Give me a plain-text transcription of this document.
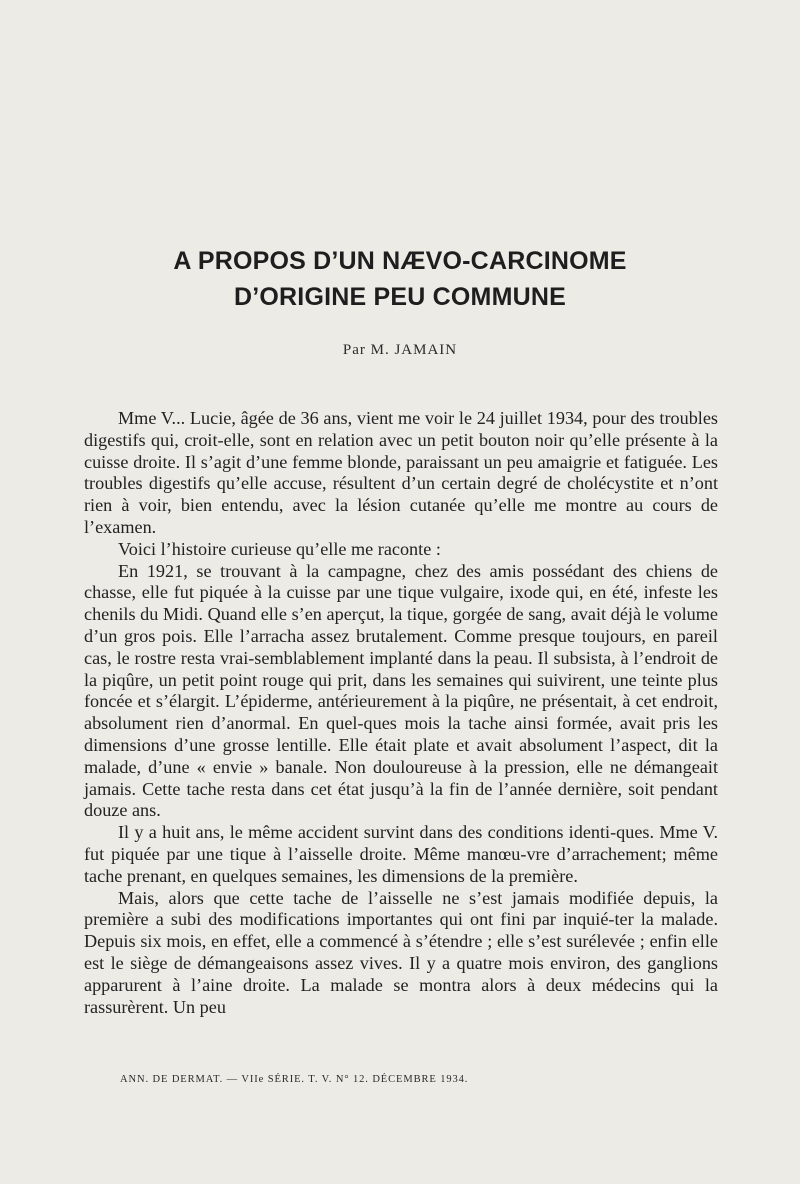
A PROPOS D’UN NÆVO-CARCINOME
D’ORIGINE PEU COMMUNE

Par M. JAMAIN

Mme V... Lucie, âgée de 36 ans, vient me voir le 24 juillet 1934, pour des troubles digestifs qui, croit-elle, sont en relation avec un petit bouton noir qu’elle présente à la cuisse droite. Il s’agit d’une femme blonde, paraissant un peu amaigrie et fatiguée. Les troubles digestifs qu’elle accuse, résultent d’un certain degré de cholécystite et n’ont rien à voir, bien entendu, avec la lésion cutanée qu’elle me montre au cours de l’examen.

Voici l’histoire curieuse qu’elle me raconte :

En 1921, se trouvant à la campagne, chez des amis possédant des chiens de chasse, elle fut piquée à la cuisse par une tique vulgaire, ixode qui, en été, infeste les chenils du Midi. Quand elle s’en aperçut, la tique, gorgée de sang, avait déjà le volume d’un gros pois. Elle l’arracha assez brutalement. Comme presque toujours, en pareil cas, le rostre resta vrai-semblablement implanté dans la peau. Il subsista, à l’endroit de la piqûre, un petit point rouge qui prit, dans les semaines qui suivirent, une teinte plus foncée et s’élargit. L’épiderme, antérieurement à la piqûre, ne présentait, à cet endroit, absolument rien d’anormal. En quel-ques mois la tache ainsi formée, avait pris les dimensions d’une grosse lentille. Elle était plate et avait absolument l’aspect, dit la malade, d’une « envie » banale. Non douloureuse à la pression, elle ne démangeait jamais. Cette tache resta dans cet état jusqu’à la fin de l’année dernière, soit pendant douze ans.

Il y a huit ans, le même accident survint dans des conditions identi-ques. Mme V. fut piquée par une tique à l’aisselle droite. Même manœu-vre d’arrachement; même tache prenant, en quelques semaines, les dimensions de la première.

Mais, alors que cette tache de l’aisselle ne s’est jamais modifiée depuis, la première a subi des modifications importantes qui ont fini par inquié-ter la malade. Depuis six mois, en effet, elle a commencé à s’étendre ; elle s’est surélevée ; enfin elle est le siège de démangeaisons assez vives. Il y a quatre mois environ, des ganglions apparurent à l’aine droite. La malade se montra alors à deux médecins qui la rassurèrent. Un peu

ANN. DE DERMAT. — VIIe SÉRIE. T. V. N° 12. DÉCEMBRE 1934.
